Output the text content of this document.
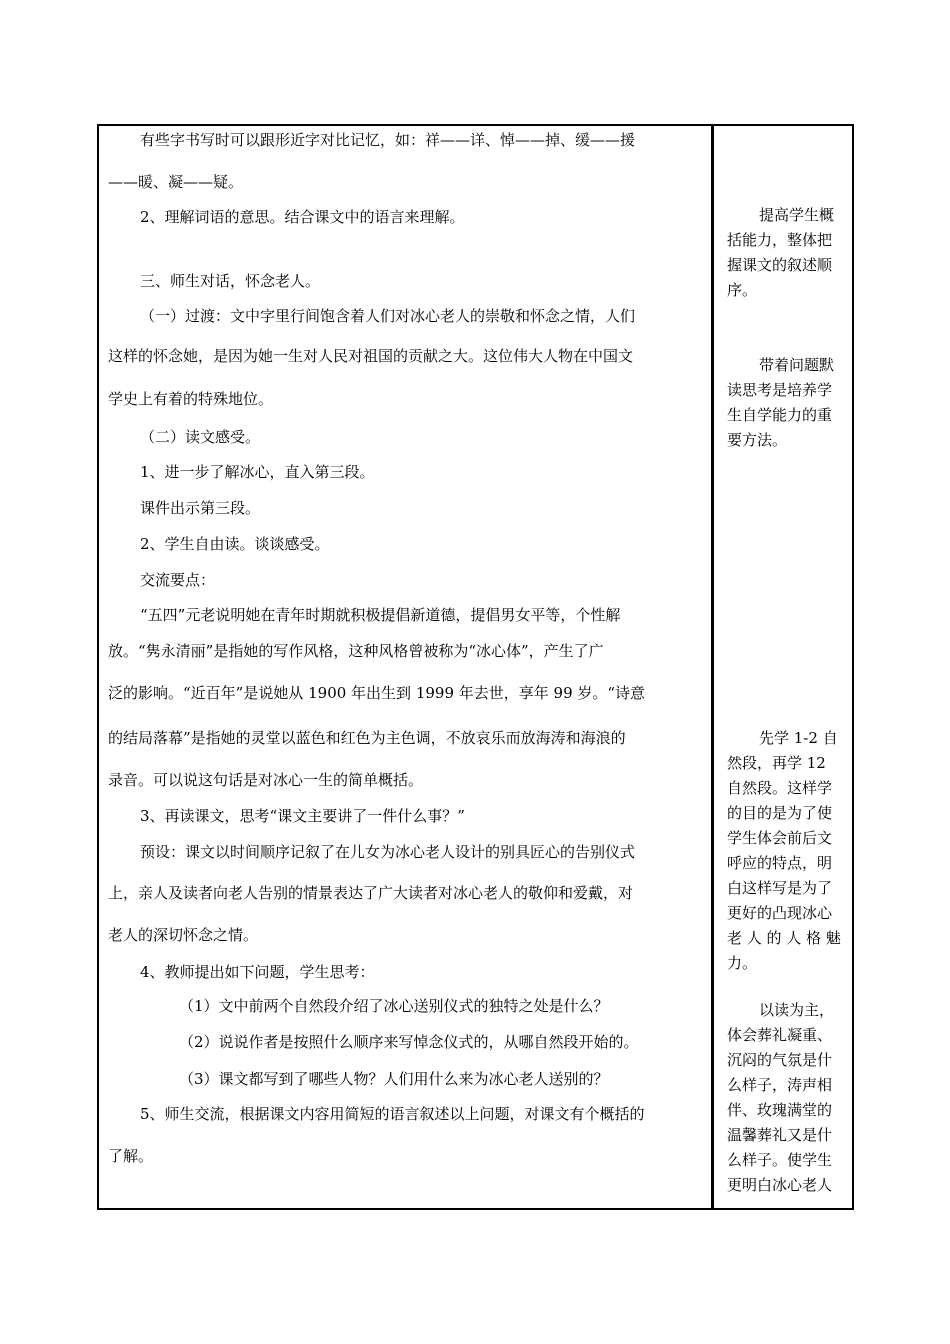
有些字书写时可以跟形近字对比记忆，如：祥——详、悼——掉、缓——援
——暖、凝——疑。
2、理解词语的意思。结合课文中的语言来理解。
三、师生对话，怀念老人。
（一）过渡：文中字里行间饱含着人们对冰心老人的崇敬和怀念之情，人们
这样的怀念她，是因为她一生对人民对祖国的贡献之大。这位伟大人物在中国文
学史上有着的特殊地位。
（二）读文感受。
1、进一步了解冰心，直入第三段。
课件出示第三段。
2、学生自由读。谈谈感受。
交流要点：
“五四”元老说明她在青年时期就积极提倡新道德，提倡男女平等，个性解
放。“隽永清丽”是指她的写作风格，这种风格曾被称为“冰心体”，产生了广
泛的影响。“近百年”是说她从 1900 年出生到 1999 年去世，享年 99 岁。“诗意
的结局落幕”是指她的灵堂以蓝色和红色为主色调，不放哀乐而放海涛和海浪的
录音。可以说这句话是对冰心一生的简单概括。
3、再读课文，思考“课文主要讲了一件什么事？”
预设：课文以时间顺序记叙了在儿女为冰心老人设计的别具匠心的告别仪式
上，亲人及读者向老人告别的情景表达了广大读者对冰心老人的敬仰和爱戴，对
老人的深切怀念之情。
4、教师提出如下问题，学生思考：
（1）文中前两个自然段介绍了冰心送别仪式的独特之处是什么？
（2）说说作者是按照什么顺序来写悼念仪式的，从哪自然段开始的。
（3）课文都写到了哪些人物？人们用什么来为冰心老人送别的？
5、师生交流，根据课文内容用简短的语言叙述以上问题，对课文有个概括的
了解。
提高学生概
括能力，整体把
握课文的叙述顺
序。
带着问题默
读思考是培养学
生自学能力的重
要方法。
先学 1-2 自
然段，再学 12
自然段。这样学
的目的是为了使
学生体会前后文
呼应的特点，明
白这样写是为了
更好的凸现冰心
老 人 的 人 格 魅
力。
以读为主，
体会葬礼凝重、
沉闷的气氛是什
么样子，涛声相
伴、玫瑰满堂的
温馨葬礼又是什
么样子。使学生
更明白冰心老人
